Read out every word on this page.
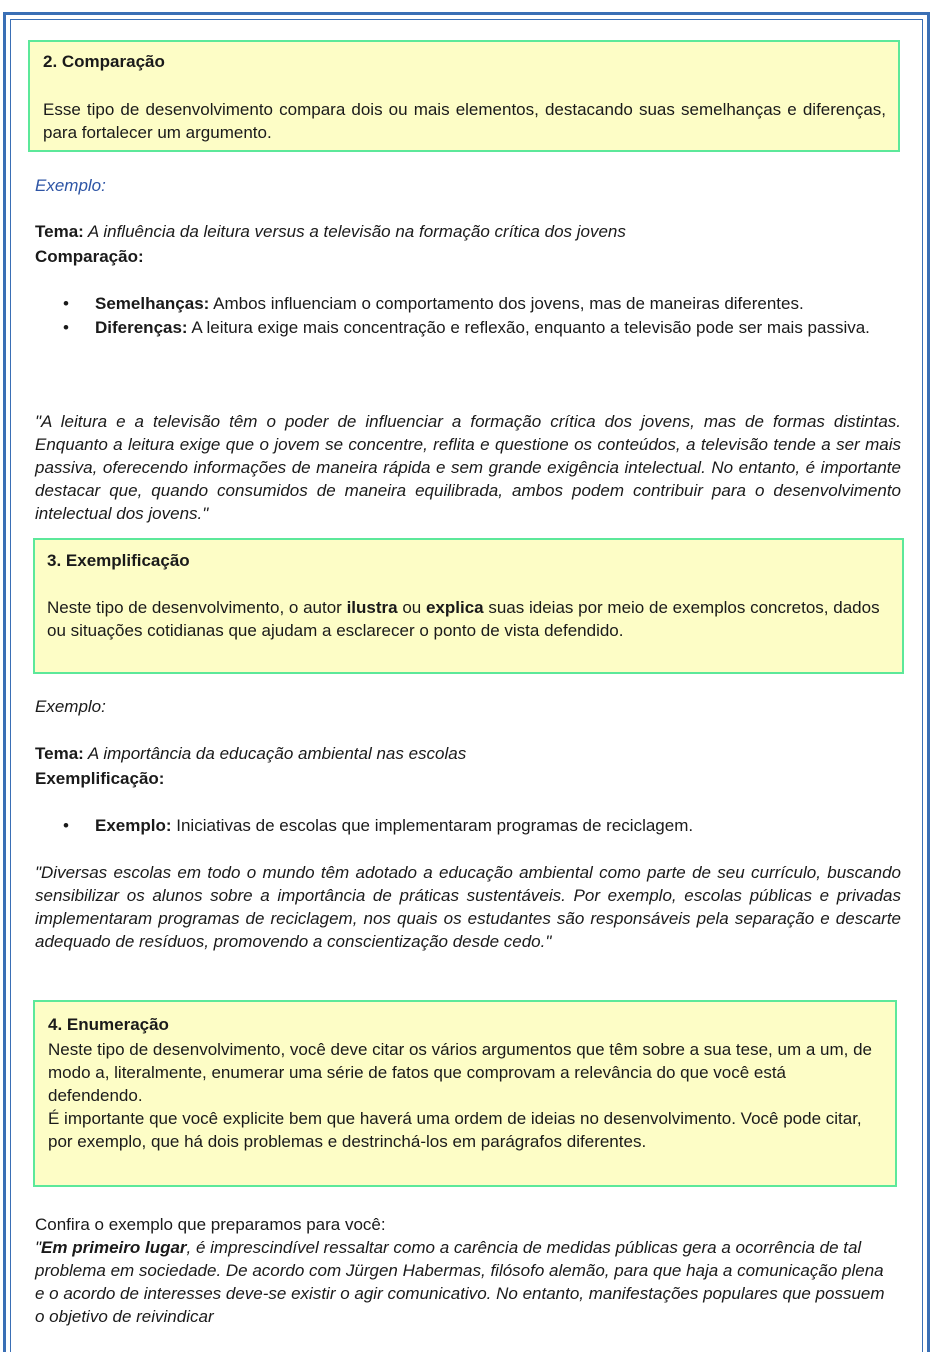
2. Comparação
Esse tipo de desenvolvimento compara dois ou mais elementos, destacando suas semelhanças e diferenças, para fortalecer um argumento.
Exemplo:
Tema: A influência da leitura versus a televisão na formação crítica dos jovens
Comparação:
• Semelhanças: Ambos influenciam o comportamento dos jovens, mas de maneiras diferentes.
• Diferenças: A leitura exige mais concentração e reflexão, enquanto a televisão pode ser mais passiva.
"A leitura e a televisão têm o poder de influenciar a formação crítica dos jovens, mas de formas distintas. Enquanto a leitura exige que o jovem se concentre, reflita e questione os conteúdos, a televisão tende a ser mais passiva, oferecendo informações de maneira rápida e sem grande exigência intelectual. No entanto, é importante destacar que, quando consumidos de maneira equilibrada, ambos podem contribuir para o desenvolvimento intelectual dos jovens."
3. Exemplificação
Neste tipo de desenvolvimento, o autor ilustra ou explica suas ideias por meio de exemplos concretos, dados ou situações cotidianas que ajudam a esclarecer o ponto de vista defendido.
Exemplo:
Tema: A importância da educação ambiental nas escolas
Exemplificação:
• Exemplo: Iniciativas de escolas que implementaram programas de reciclagem.
"Diversas escolas em todo o mundo têm adotado a educação ambiental como parte de seu currículo, buscando sensibilizar os alunos sobre a importância de práticas sustentáveis. Por exemplo, escolas públicas e privadas implementaram programas de reciclagem, nos quais os estudantes são responsáveis pela separação e descarte adequado de resíduos, promovendo a conscientização desde cedo."
4. Enumeração
Neste tipo de desenvolvimento, você deve citar os vários argumentos que têm sobre a sua tese, um a um, de modo a, literalmente, enumerar uma série de fatos que comprovam a relevância do que você está defendendo.
É importante que você explicite bem que haverá uma ordem de ideias no desenvolvimento. Você pode citar, por exemplo, que há dois problemas e destrinchá-los em parágrafos diferentes.
Confira o exemplo que preparamos para você:
"Em primeiro lugar, é imprescindível ressaltar como a carência de medidas públicas gera a ocorrência de tal problema em sociedade. De acordo com Jürgen Habermas, filósofo alemão, para que haja a comunicação plena e o acordo de interesses deve-se existir o agir comunicativo. No entanto, manifestações populares que possuem o objetivo de reivindicar
